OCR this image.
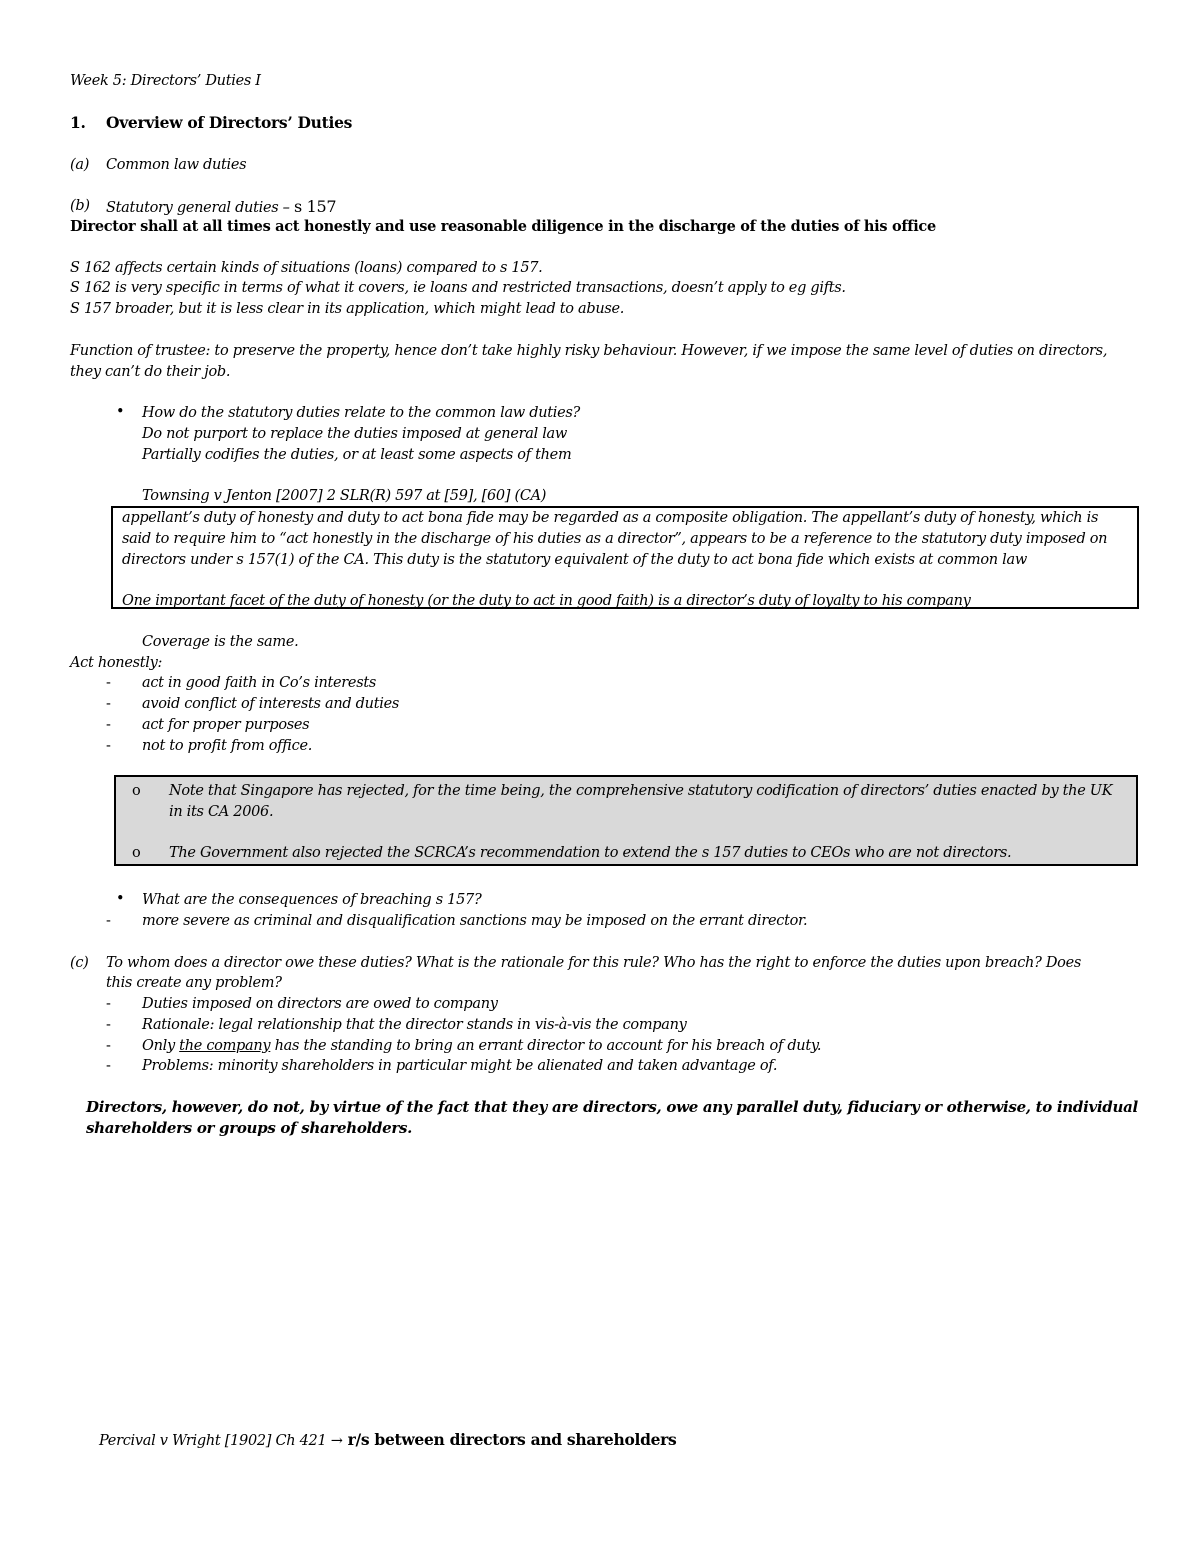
Week 5: Directors’ Duties I
1. Overview of Directors’ Duties
(a) Common law duties
(b) Statutory general duties – s 157
Director shall at all times act honestly and use reasonable diligence in the discharge of the duties of his office
S 162 affects certain kinds of situations (loans) compared to s 157.
S 162 is very specific in terms of what it covers, ie loans and restricted transactions, doesn’t apply to eg gifts.
S 157 broader, but it is less clear in its application, which might lead to abuse.
Function of trustee: to preserve the property, hence don’t take highly risky behaviour. However, if we impose the same level of duties on directors,
they can’t do their job.
• How do the statutory duties relate to the common law duties?
Do not purport to replace the duties imposed at general law
Partially codifies the duties, or at least some aspects of them
Townsing v Jenton [2007] 2 SLR(R) 597 at [59], [60] (CA)
appellant’s duty of honesty and duty to act bona fide may be regarded as a composite obligation. The appellant’s duty of honesty, which is
said to require him to “act honestly in the discharge of his duties as a director”, appears to be a reference to the statutory duty imposed on
directors under s 157(1) of the CA. This duty is the statutory equivalent of the duty to act bona fide which exists at common law
One important facet of the duty of honesty (or the duty to act in good faith) is a director’s duty of loyalty to his company
Coverage is the same.
Act honestly:
- act in good faith in Co’s interests
- avoid conflict of interests and duties
- act for proper purposes
- not to profit from office.
o Note that Singapore has rejected, for the time being, the comprehensive statutory codification of directors’ duties enacted by the UK
in its CA 2006.
o The Government also rejected the SCRCA’s recommendation to extend the s 157 duties to CEOs who are not directors.
• What are the consequences of breaching s 157?
- more severe as criminal and disqualification sanctions may be imposed on the errant director.
(c) To whom does a director owe these duties? What is the rationale for this rule? Who has the right to enforce the duties upon breach? Does
this create any problem?
- Duties imposed on directors are owed to company
- Rationale: legal relationship that the director stands in vis-à-vis the company
- Only the company has the standing to bring an errant director to account for his breach of duty.
- Problems: minority shareholders in particular might be alienated and taken advantage of.
Directors, however, do not, by virtue of the fact that they are directors, owe any parallel duty, fiduciary or otherwise, to individual
shareholders or groups of shareholders.
Percival v Wright [1902] Ch 421 → r/s between directors and shareholders
